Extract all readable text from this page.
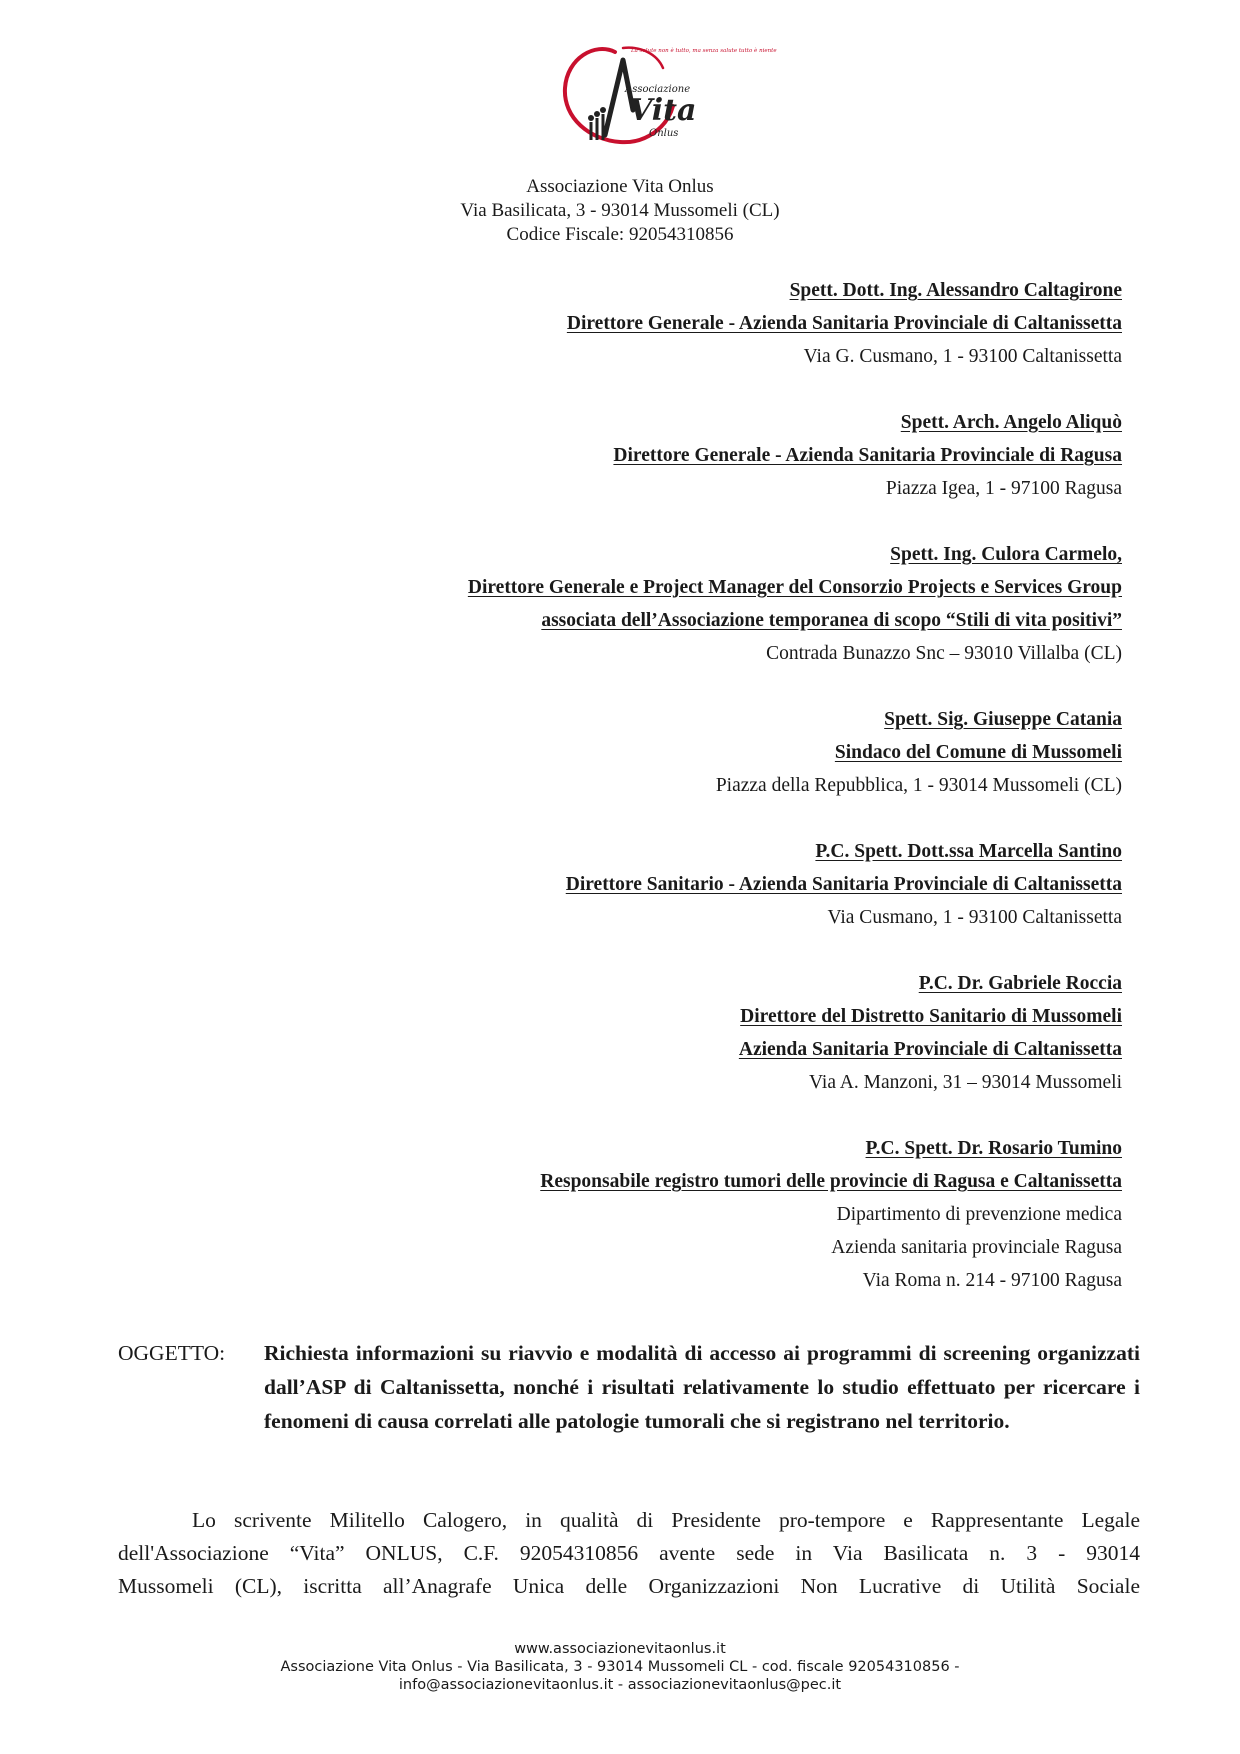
La salute non è tutto, ma senza salute tutto è niente
Associazione
Vita
Onlus
Associazione Vita Onlus
Via Basilicata, 3 - 93014 Mussomeli (CL)
Codice Fiscale: 92054310856
Spett. Dott. Ing. Alessandro Caltagirone
Direttore Generale - Azienda Sanitaria Provinciale di Caltanissetta
Via G. Cusmano, 1 - 93100 Caltanissetta
Spett. Arch. Angelo Aliquò
Direttore Generale - Azienda Sanitaria Provinciale di Ragusa
Piazza Igea, 1 - 97100 Ragusa
Spett. Ing. Culora Carmelo,
Direttore Generale e Project Manager del Consorzio Projects e Services Group
associata dell’Associazione temporanea di scopo “Stili di vita positivi”
Contrada Bunazzo Snc – 93010 Villalba (CL)
Spett. Sig. Giuseppe Catania
Sindaco del Comune di Mussomeli
Piazza della Repubblica, 1 - 93014 Mussomeli (CL)
P.C. Spett. Dott.ssa Marcella Santino
Direttore Sanitario - Azienda Sanitaria Provinciale di Caltanissetta
Via Cusmano, 1 - 93100 Caltanissetta
P.C. Dr. Gabriele Roccia
Direttore del Distretto Sanitario di Mussomeli
Azienda Sanitaria Provinciale di Caltanissetta
Via A. Manzoni, 31 – 93014 Mussomeli
P.C. Spett. Dr. Rosario Tumino
Responsabile registro tumori delle provincie di Ragusa e Caltanissetta
Dipartimento di prevenzione medica
Azienda sanitaria provinciale Ragusa
Via Roma n. 214 - 97100 Ragusa
OGGETTO:	Richiesta informazioni su riavvio e modalità di accesso ai programmi di screening organizzati dall’ASP di Caltanissetta, nonché i risultati relativamente lo studio effettuato per ricercare i fenomeni di causa correlati alle patologie tumorali che si registrano nel territorio.
Lo scrivente Militello Calogero, in qualità di Presidente pro-tempore e Rappresentante Legale
dell'Associazione “Vita” ONLUS, C.F. 92054310856 avente sede in Via Basilicata n. 3 - 93014
Mussomeli (CL), iscritta all’Anagrafe Unica delle Organizzazioni Non Lucrative di Utilità Sociale
www.associazionevitaonlus.it
Associazione Vita Onlus - Via Basilicata, 3 - 93014 Mussomeli CL - cod. fiscale 92054310856 -
info@associazionevitaonlus.it - associazionevitaonlus@pec.it
